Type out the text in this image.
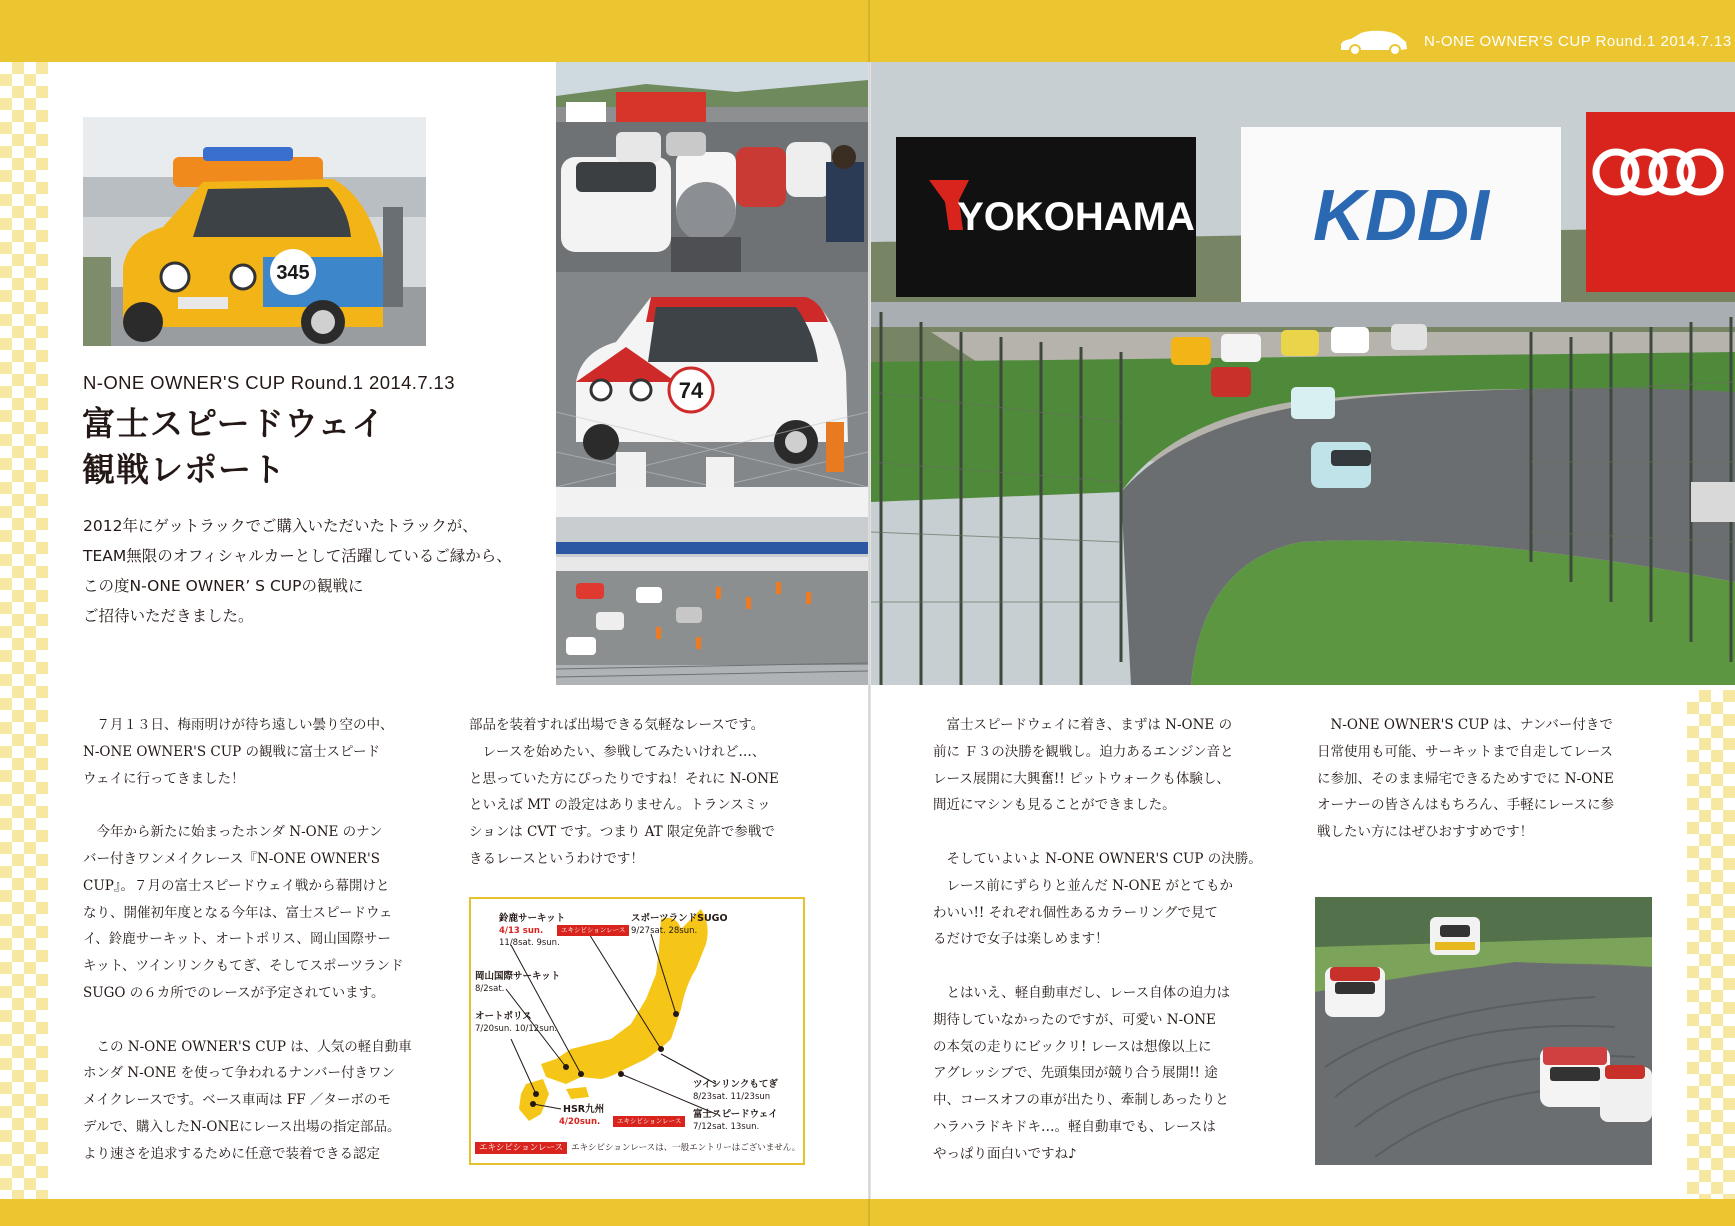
N-ONE OWNER'S CUP Round.1 2014.7.13
345
74
YOKOHAMA KDDI
N-ONE OWNER'S CUP Round.1 2014.7.13
富士スピードウェイ
観戦レポート

2012年にゲットラックでご購入いただいたトラックが、

TEAM無限のオフィシャルカーとして活躍しているご縁から、

この度N-ONE OWNER’ S CUPの観戦に

ご招待いただきました。

　７月１３日、梅雨明けが待ち遠しい曇り空の中、

N-ONE OWNER'S CUP の観戦に富士スピード

ウェイに行ってきました！

　今年から新たに始まったホンダ N-ONE のナン

バー付きワンメイクレース『N-ONE OWNER'S

CUP』。７月の富士スピードウェイ戦から幕開けと

なり、開催初年度となる今年は、富士スピードウェ

イ、鈴鹿サーキット、オートポリス、岡山国際サー

キット、ツインリンクもてぎ、そしてスポーツランド

SUGO の６カ所でのレースが予定されています。

　この N-ONE OWNER'S CUP は、人気の軽自動車

ホンダ N-ONE を使って争われるナンバー付きワン

メイクレースです。ベース車両は FF ／ターボのモ

デルで、購入したN-ONEにレース出場の指定部品。

より速さを追求するために任意で装着できる認定

部品を装着すれば出場できる気軽なレースです。

　レースを始めたい、参戦してみたいけれど…、

と思っていた方にぴったりですね！それに N-ONE

といえば MT の設定はありません。トランスミッ

ションは CVT です。つまり AT 限定免許で参戦で

きるレースというわけです！

　富士スピードウェイに着き、まずは N-ONE の

前に Ｆ３の決勝を観戦し。迫力あるエンジン音と

レース展開に大興奮!! ピットウォークも体験し、

間近にマシンも見ることができました。

　そしていよいよ N-ONE OWNER'S CUP の決勝。

　レース前にずらりと並んだ N-ONE がとてもか

わいい!! それぞれ個性あるカラーリングで見て

るだけで女子は楽しめます！

　とはいえ、軽自動車だし、レース自体の迫力は

期待していなかったのですが、可愛い N-ONE

の本気の走りにビックリ! レースは想像以上に

アグレッシブで、先頭集団が競り合う展開!! 途

中、コースオフの車が出たり、牽制しあったりと

ハラハラドキドキ…。軽自動車でも、レースは

やっぱり面白いですね♪

　N-ONE OWNER'S CUP は、ナンバー付きで

日常使用も可能、サーキットまで自走してレース

に参加、そのまま帰宅できるためすでに N-ONE

オーナーの皆さんはもちろん、手軽にレースに参

戦したい方にはぜひおすすめです！

鈴鹿サーキット
4/13 sun.	エキシビションレース
11/8sat. 9sun.
スポーツランドSUGO
9/27sat. 28sun.
岡山国際サーキット
8/2sat.
オートポリス
7/20sun. 10/12sun.
ツインリンクもてぎ
8/23sat. 11/23sun
HSR九州
4/20sun.	エキシビションレース
富士スピードウェイ
7/12sat. 13sun.
エキシビションレース エキシビションレースは、一般エントリーはございません。
